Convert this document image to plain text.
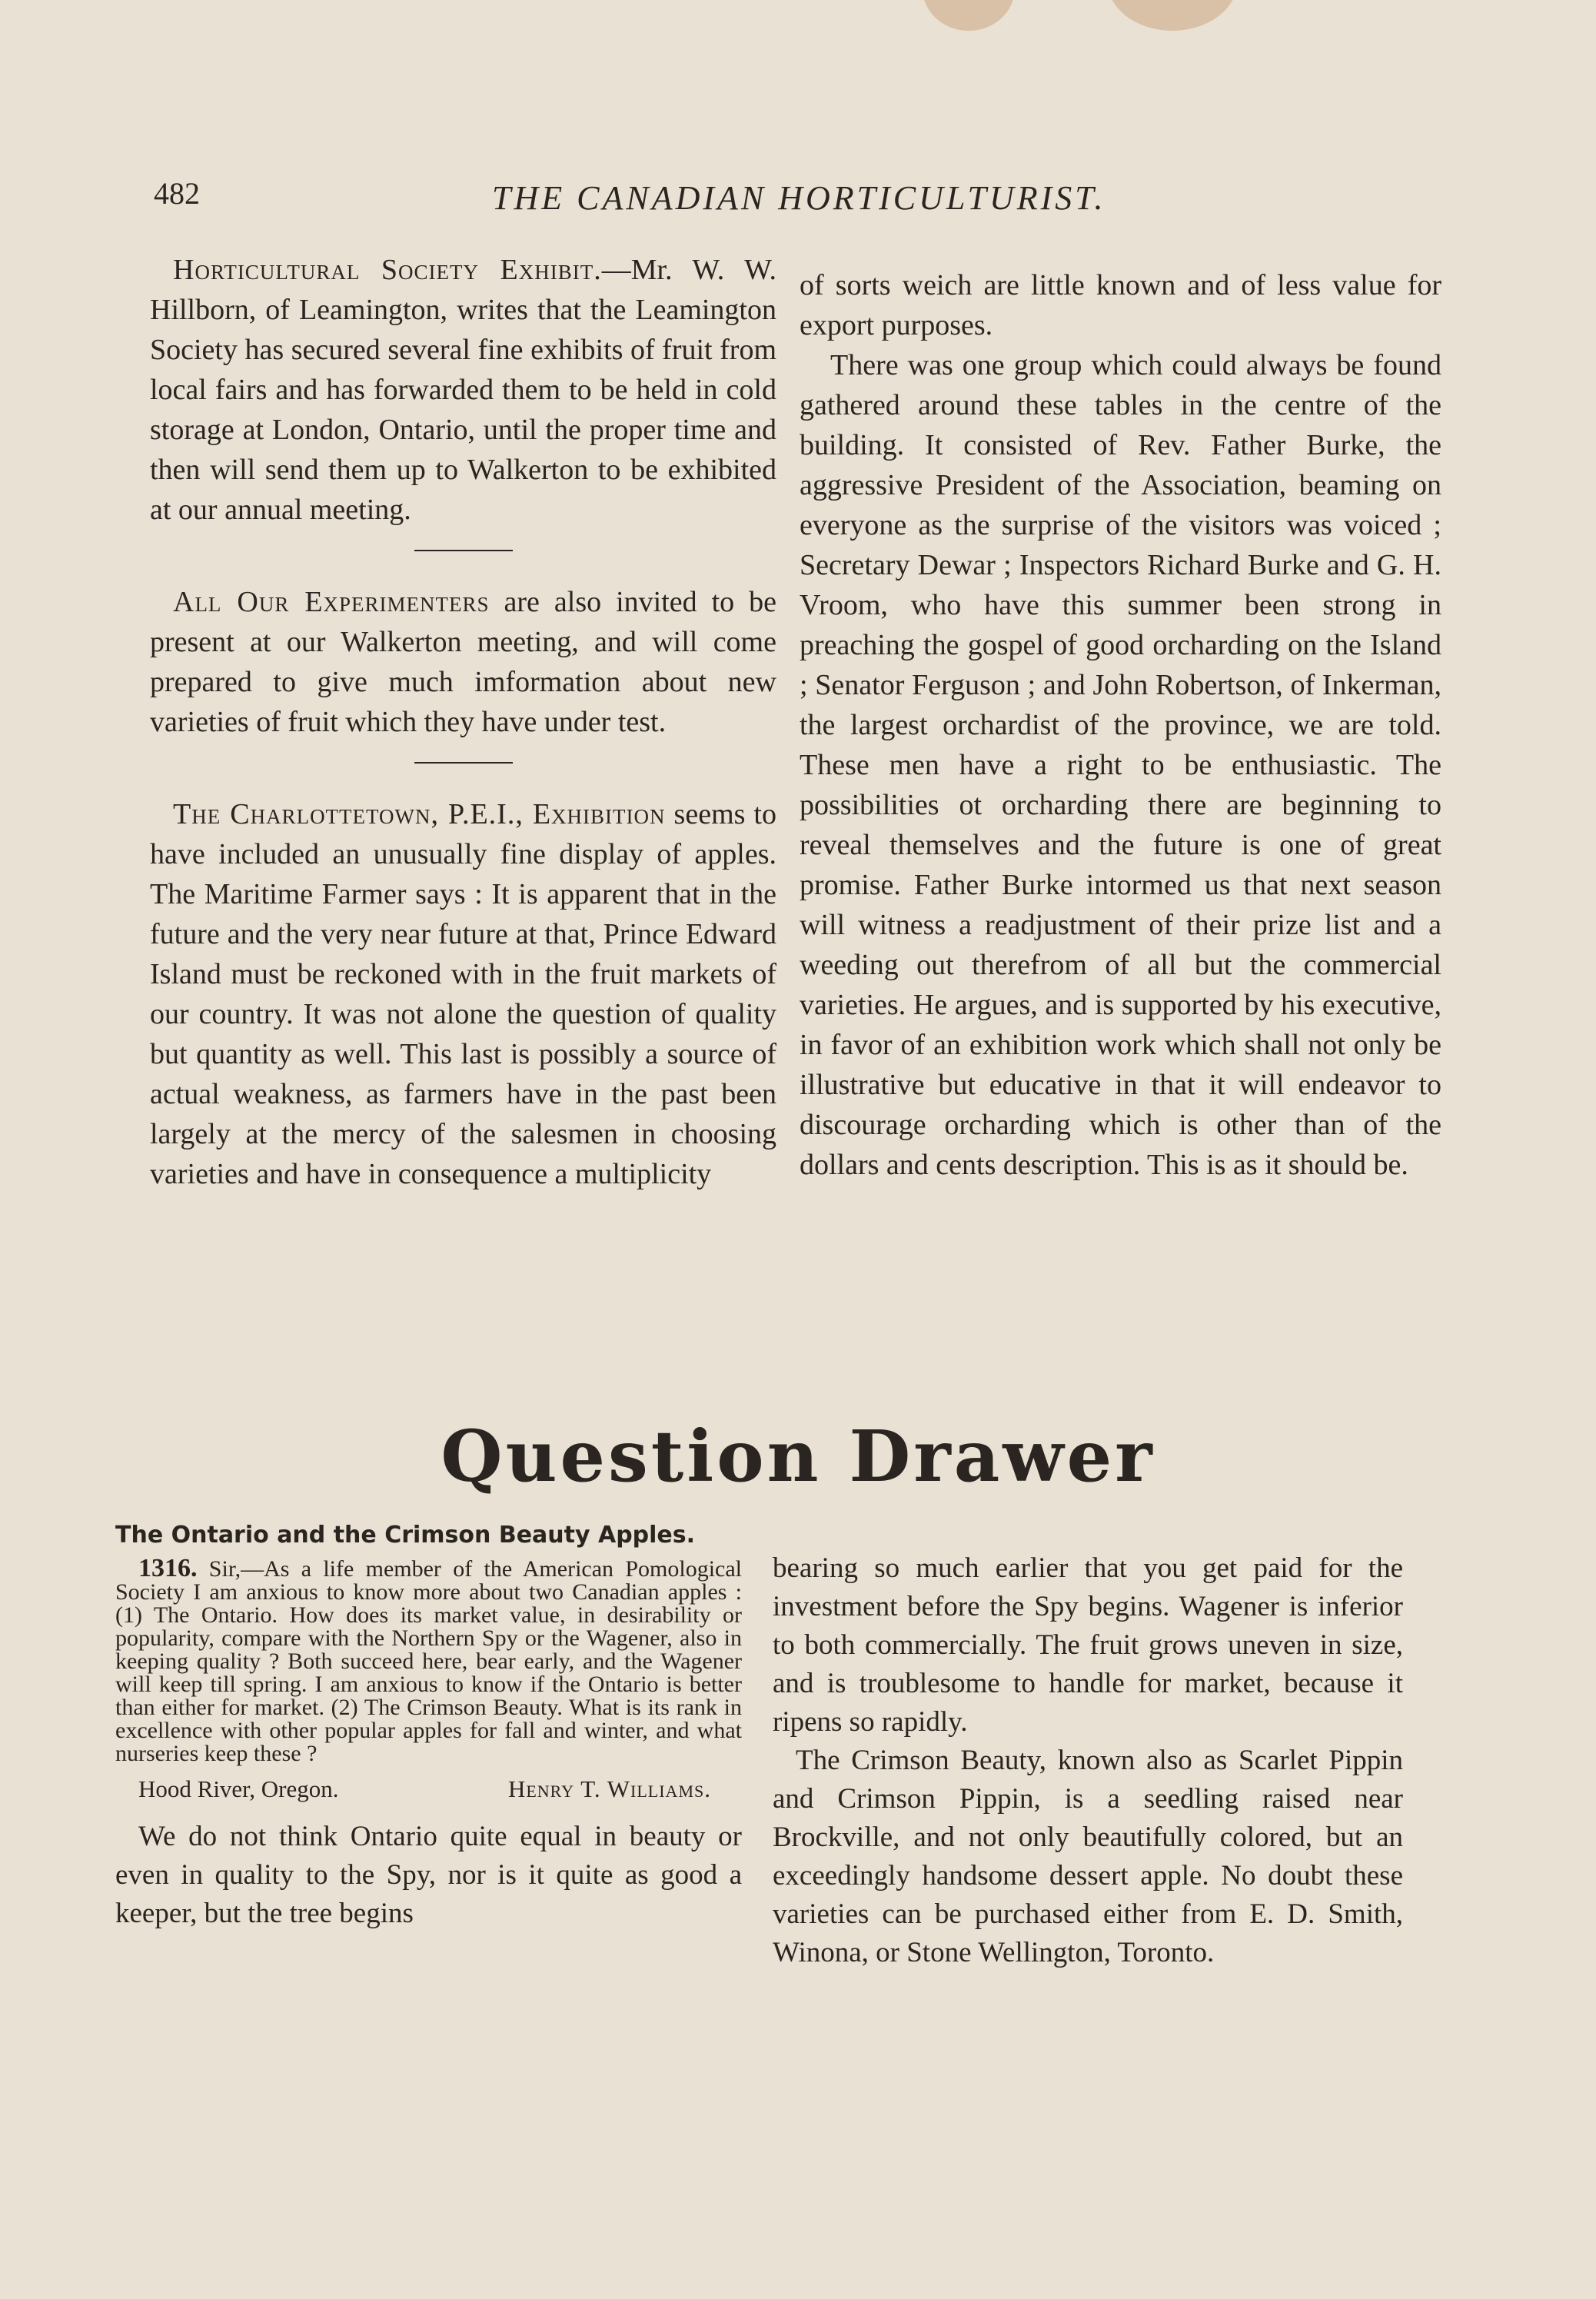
482	THE CANADIAN HORTICULTURIST.

Horticultural Society Exhibit.—Mr. W. W. Hillborn, of Leamington, writes that the Leamington Society has secured several fine exhibits of fruit from local fairs and has forwarded them to be held in cold storage at London, Ontario, until the proper time and then will send them up to Walkerton to be exhibited at our annual meeting.

All Our Experimenters are also invited to be present at our Walkerton meeting, and will come prepared to give much imformation about new varieties of fruit which they have under test.

The Charlottetown, P.E.I., Exhibition seems to have included an unusually fine display of apples. The Maritime Farmer says : It is apparent that in the future and the very near future at that, Prince Edward Island must be reckoned with in the fruit markets of our country. It was not alone the question of quality but quantity as well. This last is possibly a source of actual weakness, as farmers have in the past been largely at the mercy of the salesmen in choosing varieties and have in consequence a multiplicity

of sorts weich are little known and of less value for export purposes.

There was one group which could always be found gathered around these tables in the centre of the building. It consisted of Rev. Father Burke, the aggressive President of the Association, beaming on everyone as the surprise of the visitors was voiced ; Secretary Dewar ; Inspectors Richard Burke and G. H. Vroom, who have this summer been strong in preaching the gospel of good orcharding on the Island ; Senator Ferguson ; and John Robertson, of Inkerman, the largest orchardist of the province, we are told. These men have a right to be enthusiastic. The possibilities ot orcharding there are beginning to reveal themselves and the future is one of great promise. Father Burke intormed us that next season will witness a readjustment of their prize list and a weeding out therefrom of all but the commercial varieties. He argues, and is supported by his executive, in favor of an exhibition work which shall not only be illustrative but educative in that it will endeavor to discourage orcharding which is other than of the dollars and cents description. This is as it should be.

Question Drawer

The Ontario and the Crimson Beauty Apples.

1316. Sir,—As a life member of the American Pomological Society I am anxious to know more about two Canadian apples : (1) The Ontario. How does its market value, in desirability or popularity, compare with the Northern Spy or the Wagener, also in keeping quality ? Both succeed here, bear early, and the Wagener will keep till spring. I am anxious to know if the Ontario is better than either for market. (2) The Crimson Beauty. What is its rank in excellence with other popular apples for fall and winter, and what nurseries keep these ?

Hood River, Oregon.	Henry T. Williams.

We do not think Ontario quite equal in beauty or even in quality to the Spy, nor is it quite as good a keeper, but the tree begins

bearing so much earlier that you get paid for the investment before the Spy begins. Wagener is inferior to both commercially. The fruit grows uneven in size, and is troublesome to handle for market, because it ripens so rapidly.

The Crimson Beauty, known also as Scarlet Pippin and Crimson Pippin, is a seedling raised near Brockville, and not only beautifully colored, but an exceedingly handsome dessert apple. No doubt these varieties can be purchased either from E. D. Smith, Winona, or Stone Wellington, Toronto.
